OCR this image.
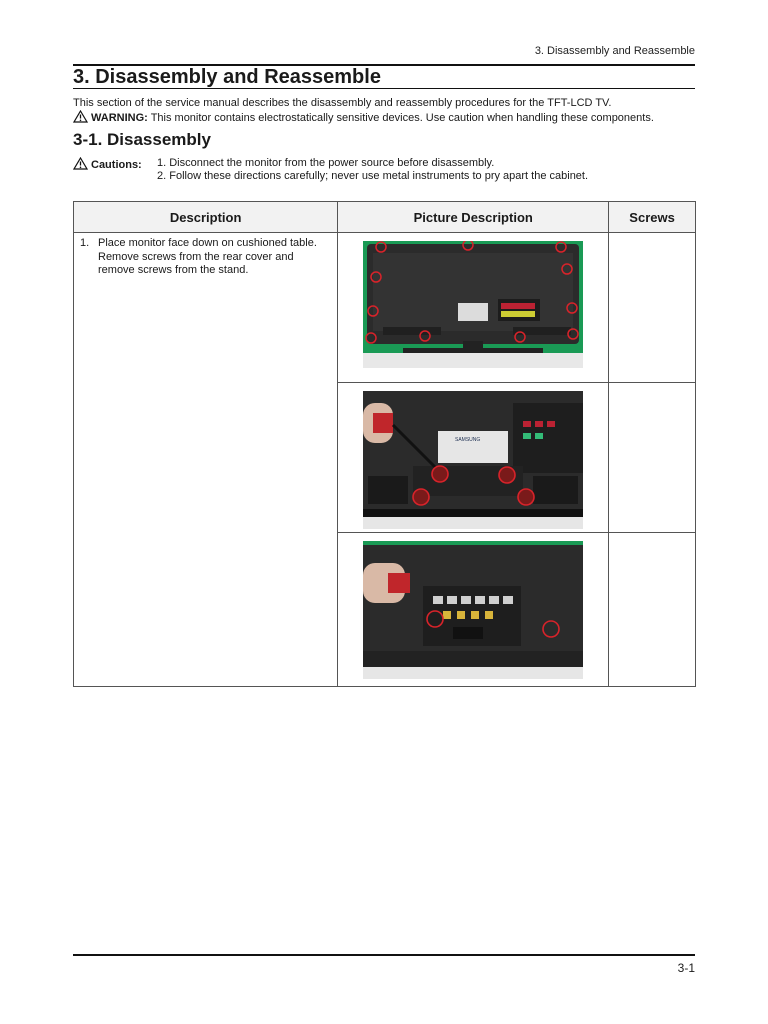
3. Disassembly and Reassemble
3. Disassembly and Reassemble
This section of the service manual describes the disassembly and reassembly procedures for the TFT-LCD TV.
WARNING: This monitor contains electrostatically sensitive devices. Use caution when handling these components.
3-1. Disassembly
Cautions: 1. Disconnect the monitor from the power source before disassembly.
2. Follow these directions carefully; never use metal instruments to pry apart the cabinet.
Description	Picture Description	Screws

1. Place monitor face down on cushioned table.
Remove screws from the rear cover and
remove screws from the stand.

SAMSUNG	

3-1
